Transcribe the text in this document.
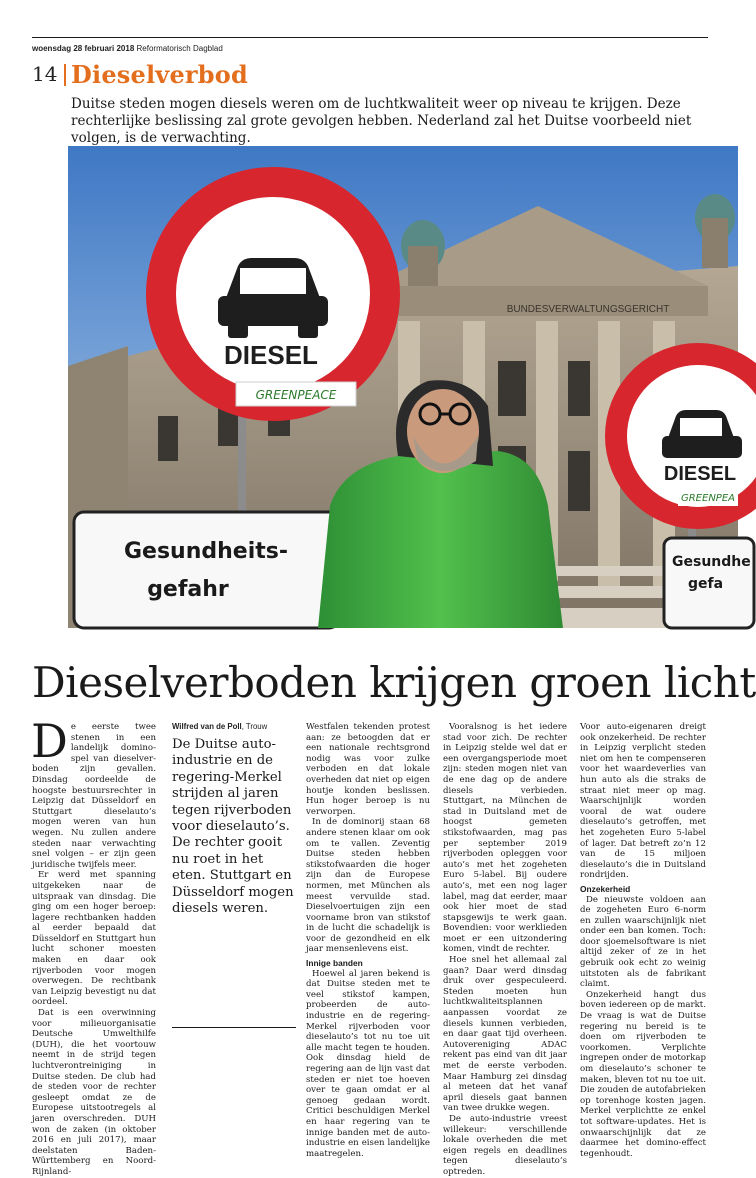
woensdag 28 februari 2018 Reformatorisch Dagblad
14 Dieselverbod
Duitse steden mogen diesels weren om de luchtkwaliteit weer op niveau te krijgen. Deze rechterlijke beslissing zal grote gevolgen hebben. Nederland zal het Duitse voorbeeld niet volgen, is de verwachting.
BUNDESVERWALTUNGSGERICHT
DIESEL
GREENPEACE
Gesundheits-
gefahr
DIESEL
GREENPEA
Gesundhe
gefa
Dieselverboden krijgen groen licht

De eerste twee stenen in een landelijk domino- spel van dieselver- boden zijn gevallen. Dinsdag oordeelde de hoogste bestuursrechter in Leipzig dat Düsseldorf en Stuttgart dieselauto’s mogen weren van hun wegen. Nu zullen andere steden naar verwachting snel volgen – er zijn geen juridische twijfels meer.

Er werd met spanning uitgekeken naar de uitspraak van dinsdag. Die ging om een hoger beroep: lagere rechtbanken hadden al eerder bepaald dat Düsseldorf en Stuttgart hun lucht schoner moesten maken en daar ook rijverboden voor mogen overwegen. De rechtbank van Leipzig bevestigt nu dat oordeel.

Dat is een overwinning voor milieuorganisatie Deutsche Umwelthilfe (DUH), die het voortouw neemt in de strijd tegen luchtverontreiniging in Duitse steden. De club had de steden voor de rechter gesleept omdat ze de Europese uitstootregels al jaren overschreden. DUH won de zaken (in oktober 2016 en juli 2017), maar deelstaten Baden-Württemberg en Noord-Rijnland-

Wilfred van de Poll, Trouw
De Duitse auto-industrie en de regering-Merkel strijden al jaren tegen rijverboden voor dieselauto’s. De rechter gooit nu roet in het eten. Stuttgart en Düsseldorf mogen diesels weren.

Westfalen tekenden protest aan: ze betoogden dat er een nationale rechtsgrond nodig was voor zulke verboden en dat lokale overheden dat niet op eigen houtje konden beslissen. Hun hoger beroep is nu verworpen.

In de dominorij staan 68 andere stenen klaar om ook om te vallen. Zeventig Duitse steden hebben stikstofwaarden die hoger zijn dan de Europese normen, met München als meest vervuilde stad. Dieselvoertuigen zijn een voorname bron van stikstof in de lucht die schadelijk is voor de gezondheid en elk jaar mensenlevens eist.

Innige banden

Hoewel al jaren bekend is dat Duitse steden met te veel stikstof kampen, probeerden de auto-industrie en de regering-Merkel rijverboden voor dieselauto’s tot nu toe uit alle macht tegen te houden. Ook dinsdag hield de regering aan de lijn vast dat steden er niet toe hoeven over te gaan omdat er al genoeg gedaan wordt. Critici beschuldigen Merkel en haar regering van te innige banden met de auto-industrie en eisen landelijke maatregelen.

Vooralsnog is het iedere stad voor zich. De rechter in Leipzig stelde wel dat er een overgangsperiode moet zijn: steden mogen niet van de ene dag op de andere diesels verbieden. Stuttgart, na München de stad in Duitsland met de hoogst gemeten stikstofwaarden, mag pas per september 2019 rijverboden opleggen voor auto’s met het zogeheten Euro 5-label. Bij oudere auto’s, met een nog lager label, mag dat eerder, maar ook hier moet de stad stapsgewijs te werk gaan. Bovendien: voor werklieden moet er een uitzondering komen, vindt de rechter.

Hoe snel het allemaal zal gaan? Daar werd dinsdag druk over gespeculeerd. Steden moeten hun luchtkwaliteitsplannen aanpassen voordat ze diesels kunnen verbieden, en daar gaat tijd overheen. Autovereniging ADAC rekent pas eind van dit jaar met de eerste verboden. Maar Hamburg zei dinsdag al meteen dat het vanaf april diesels gaat bannen van twee drukke wegen.

De auto-industrie vreest willekeur: verschillende lokale overheden die met eigen regels en deadlines tegen dieselauto’s optreden.

Voor auto-eigenaren dreigt ook onzekerheid. De rechter in Leipzig verplicht steden niet om hen te compenseren voor het waardeverlies van hun auto als die straks de straat niet meer op mag. Waarschijnlijk worden vooral de wat oudere dieselauto’s getroffen, met het zogeheten Euro 5-label of lager. Dat betreft zo’n 12 van de 15 miljoen dieselauto’s die in Duitsland rondrijden.

Onzekerheid

De nieuwste voldoen aan de zogeheten Euro 6-norm en zullen waarschijnlijk niet onder een ban komen. Toch: door sjoemelsoftware is niet altijd zeker of ze in het gebruik ook echt zo weinig uitstoten als de fabrikant claimt.

Onzekerheid hangt dus boven iedereen op de markt. De vraag is wat de Duitse regering nu bereid is te doen om rijverboden te voorkomen. Verplichte ingrepen onder de motorkap om dieselauto’s schoner te maken, bleven tot nu toe uit. Die zouden de autofabrieken op torenhoge kosten jagen. Merkel verplichtte ze enkel tot software-updates. Het is onwaarschijnlijk dat ze daarmee het domino-effect tegenhoudt.
